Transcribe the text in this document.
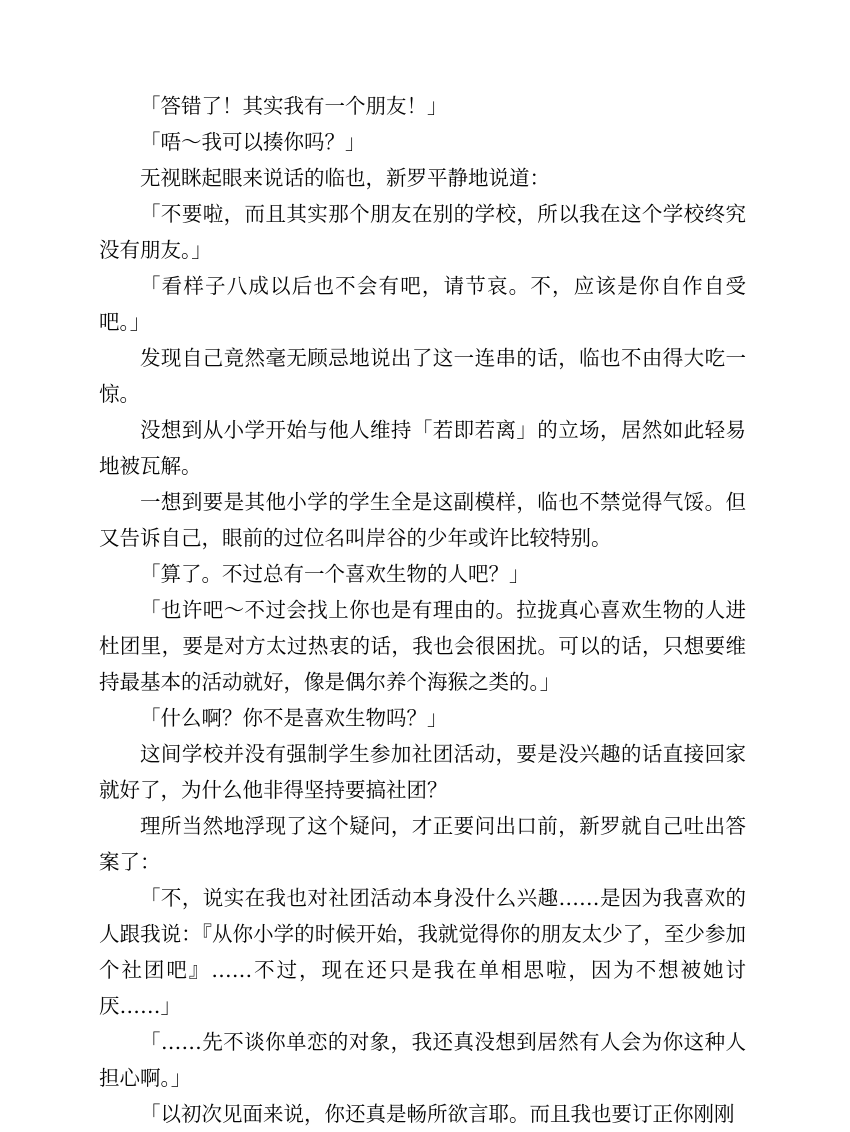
「答错了！其实我有一个朋友！」

「唔～我可以揍你吗？」

无视眯起眼来说话的临也，新罗平静地说道：

「不要啦，而且其实那个朋友在别的学校，所以我在这个学校终究没有朋友。」

「看样子八成以后也不会有吧，请节哀。不，应该是你自作自受吧。」

发现自己竟然毫无顾忌地说出了这一连串的话，临也不由得大吃一惊。

没想到从小学开始与他人维持「若即若离」的立场，居然如此轻易地被瓦解。

一想到要是其他小学的学生全是这副模样，临也不禁觉得气馁。但又告诉自己，眼前的过位名叫岸谷的少年或许比较特别。

「算了。不过总有一个喜欢生物的人吧？」

「也许吧～不过会找上你也是有理由的。拉拢真心喜欢生物的人进杜团里，要是对方太过热衷的话，我也会很困扰。可以的话，只想要维持最基本的活动就好，像是偶尔养个海猴之类的。」

「什么啊？你不是喜欢生物吗？」

这间学校并没有强制学生参加社团活动，要是没兴趣的话直接回家就好了，为什么他非得坚持要搞社团？

理所当然地浮现了这个疑问，才正要问出口前，新罗就自己吐出答案了：

「不，说实在我也对社团活动本身没什么兴趣……是因为我喜欢的人跟我说：『从你小学的时候开始，我就觉得你的朋友太少了，至少参加个社团吧』……不过，现在还只是我在单相思啦，因为不想被她讨厌……」

「……先不谈你单恋的对象，我还真没想到居然有人会为你这种人担心啊。」

「以初次见面来说，你还真是畅所欲言耶。而且我也要订正你刚刚
